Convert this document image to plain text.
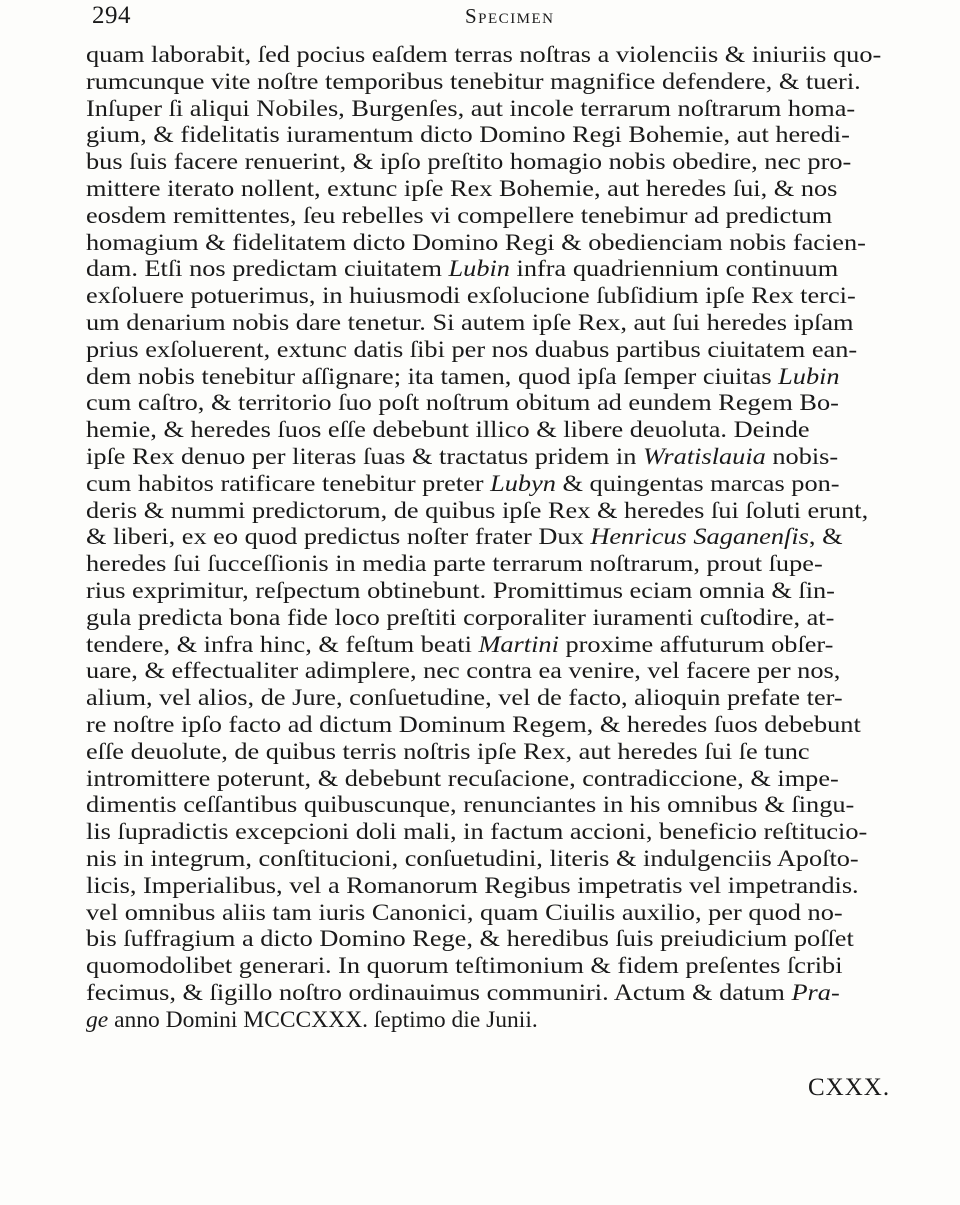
294	Specimen
quam laborabit, ſed pocius eaſdem terras noſtras a violenciis & iniuriis quo-
rumcunque vite noſtre temporibus tenebitur magnifice defendere, & tueri.
Inſuper ſi aliqui Nobiles, Burgenſes, aut incole terrarum noſtrarum homa-
gium, & fidelitatis iuramentum dicto Domino Regi Bohemie, aut heredi-
bus ſuis facere renuerint, & ipſo preſtito homagio nobis obedire, nec pro-
mittere iterato nollent, extunc ipſe Rex Bohemie, aut heredes ſui, & nos
eosdem remittentes, ſeu rebelles vi compellere tenebimur ad predictum
homagium & fidelitatem dicto Domino Regi & obedienciam nobis facien-
dam. Etſi nos predictam ciuitatem Lubin infra quadriennium continuum
exſoluere potuerimus, in huiusmodi exſolucione ſubſidium ipſe Rex terci-
um denarium nobis dare tenetur. Si autem ipſe Rex, aut ſui heredes ipſam
prius exſoluerent, extunc datis ſibi per nos duabus partibus ciuitatem ean-
dem nobis tenebitur aſſignare; ita tamen, quod ipſa ſemper ciuitas Lubin
cum caſtro, & territorio ſuo poſt noſtrum obitum ad eundem Regem Bo-
hemie, & heredes ſuos eſſe debebunt illico & libere deuoluta. Deinde
ipſe Rex denuo per literas ſuas & tractatus pridem in Wratislauia nobis-
cum habitos ratificare tenebitur preter Lubyn & quingentas marcas pon-
deris & nummi predictorum, de quibus ipſe Rex & heredes ſui ſoluti erunt,
& liberi, ex eo quod predictus noſter frater Dux Henricus Saganenſis, &
heredes ſui ſucceſſionis in media parte terrarum noſtrarum, prout ſupe-
rius exprimitur, reſpectum obtinebunt. Promittimus eciam omnia & ſin-
gula predicta bona fide loco preſtiti corporaliter iuramenti cuſtodire, at-
tendere, & infra hinc, & feſtum beati Martini proxime affuturum obſer-
uare, & effectualiter adimplere, nec contra ea venire, vel facere per nos,
alium, vel alios, de Jure, conſuetudine, vel de facto, alioquin prefate ter-
re noſtre ipſo facto ad dictum Dominum Regem, & heredes ſuos debebunt
eſſe deuolute, de quibus terris noſtris ipſe Rex, aut heredes ſui ſe tunc
intromittere poterunt, & debebunt recuſacione, contradiccione, & impe-
dimentis ceſſantibus quibuscunque, renunciantes in his omnibus & ſingu-
lis ſupradictis excepcioni doli mali, in factum accioni, beneficio reſtitucio-
nis in integrum, conſtitucioni, conſuetudini, literis & indulgenciis Apoſto-
licis, Imperialibus, vel a Romanorum Regibus impetratis vel impetrandis.
vel omnibus aliis tam iuris Canonici, quam Ciuilis auxilio, per quod no-
bis ſuffragium a dicto Domino Rege, & heredibus ſuis preiudicium poſſet
quomodolibet generari. In quorum teſtimonium & fidem preſentes ſcribi
fecimus, & ſigillo noſtro ordinauimus communiri. Actum & datum Pra-
ge anno Domini MCCCXXX. ſeptimo die Junii.
CXXX.
